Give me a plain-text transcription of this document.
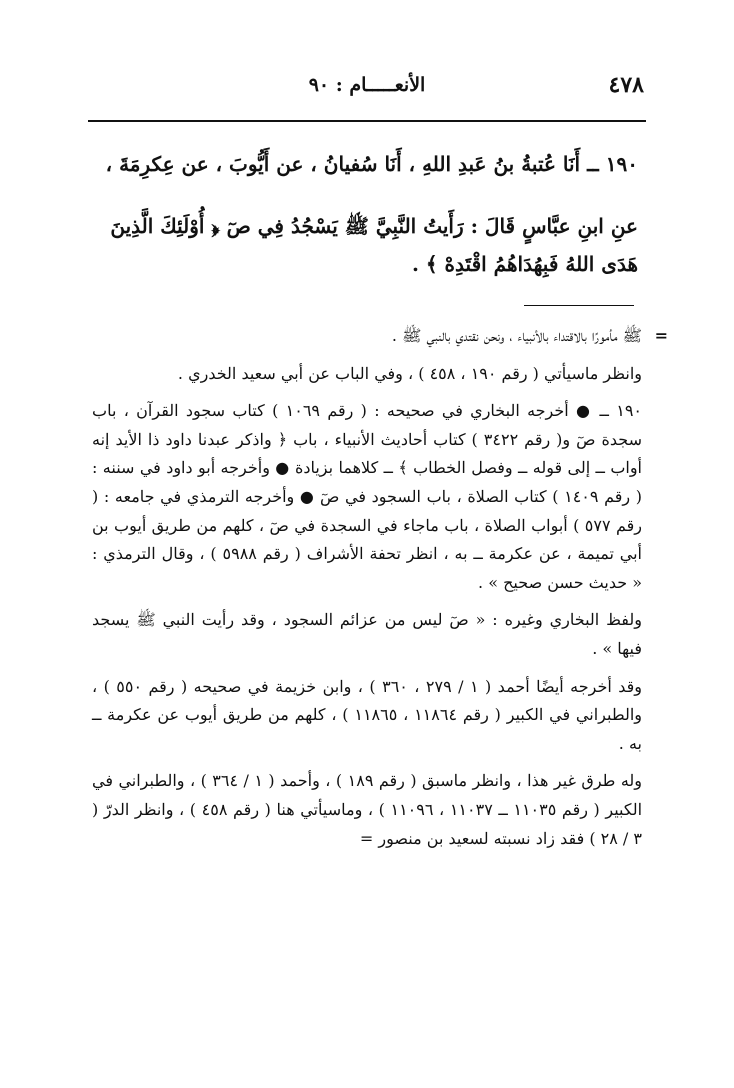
٤٧٨
الأنعـــــام : ٩٠

١٩٠ ــ أَنَا عُتبةُ بنُ عَبدِ اللهِ ، أَنَا سُفيانُ ، عن أَيُّوبَ ، عن عِكرِمَةَ ،

عنِ ابنِ عبَّاسٍ قَالَ : رَأَيتُ النَّبِيَّ ﷺ يَسْجُدُ فِي صٓ ﴿ أُوْلَئِكَ الَّذِينَ

هَدَى اللهُ فَبِهُدَاهُمُ اقْتَدِهْ ﴾ .

=
ﷺ مأمورًا بالاقتداء بالأنبياء ، ونحن نقتدي بالنبي ﷺ .

وانظر ماسيأتي ( رقم ١٩٠ ، ٤٥٨ ) ، وفي الباب عن أبي سعيد الخدري .

١٩٠ ــ ● أخرجه البخاري في صحيحه : ( رقم ١٠٦٩ ) كتاب سجود القرآن ، باب سجدة صٓ و( رقم ٣٤٢٢ ) كتاب أحاديث الأنبياء ، باب ﴿ واذكر عبدنا داود ذا الأيد إنه أواب ــ إلى قوله ــ وفصل الخطاب ﴾ ــ كلاهما بزيادة ● وأخرجه أبو داود في سننه : ( رقم ١٤٠٩ ) كتاب الصلاة ، باب السجود في صٓ ● وأخرجه الترمذي في جامعه : ( رقم ٥٧٧ ) أبواب الصلاة ، باب ماجاء في السجدة في صٓ ، كلهم من طريق أيوب بن أبي تميمة ، عن عكرمة ــ به ، انظر تحفة الأشراف ( رقم ٥٩٨٨ ) ، وقال الترمذي : « حديث حسن صحيح » .

ولفظ البخاري وغيره : « صٓ ليس من عزائم السجود ، وقد رأيت النبي ﷺ يسجد فيها » .

وقد أخرجه أيضًا أحمد ( ١ / ٢٧٩ ، ٣٦٠ ) ، وابن خزيمة في صحيحه ( رقم ٥٥٠ ) ، والطبراني في الكبير ( رقم ١١٨٦٤ ، ١١٨٦٥ ) ، كلهم من طريق أيوب عن عكرمة ــ به .

وله طرق غير هذا ، وانظر ماسبق ( رقم ١٨٩ ) ، وأحمد ( ١ / ٣٦٤ ) ، والطبراني في الكبير ( رقم ١١٠٣٥ ــ ١١٠٣٧ ، ١١٠٩٦ ) ، وماسيأتي هنا ( رقم ٤٥٨ ) ، وانظر الدرّ ( ٣ / ٢٨ ) فقد زاد نسبته لسعيد بن منصور =
